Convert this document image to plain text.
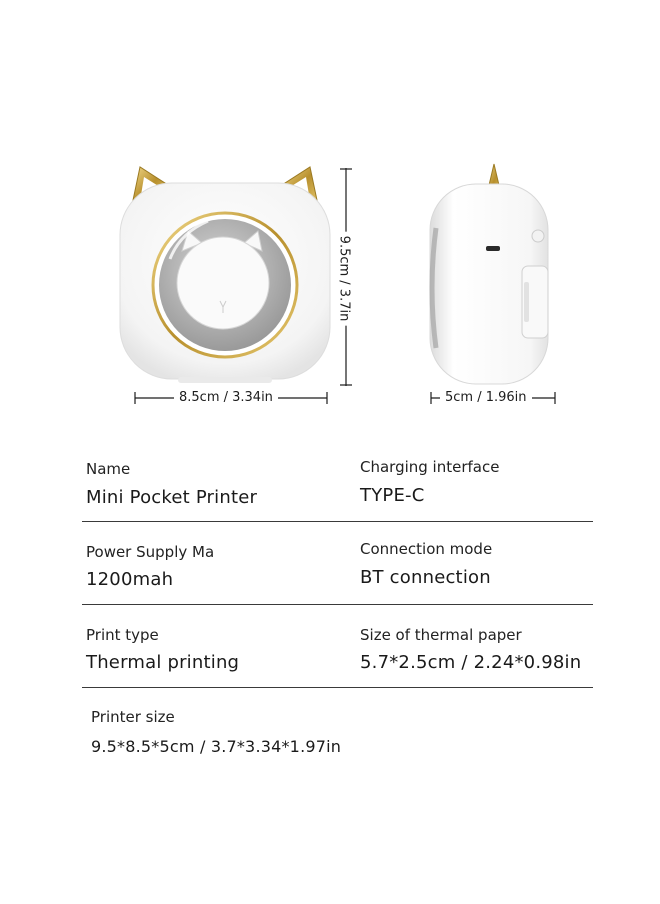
9.5cm / 3.7in
8.5cm / 3.34in	5cm / 1.96in
Name
Mini Pocket Printer
Charging interface
TYPE-C
Power Supply Ma
1200mah
Connection mode
BT connection
Print type
Thermal printing
Size of thermal paper
5.7*2.5cm / 2.24*0.98in
Printer size
9.5*8.5*5cm / 3.7*3.34*1.97in
